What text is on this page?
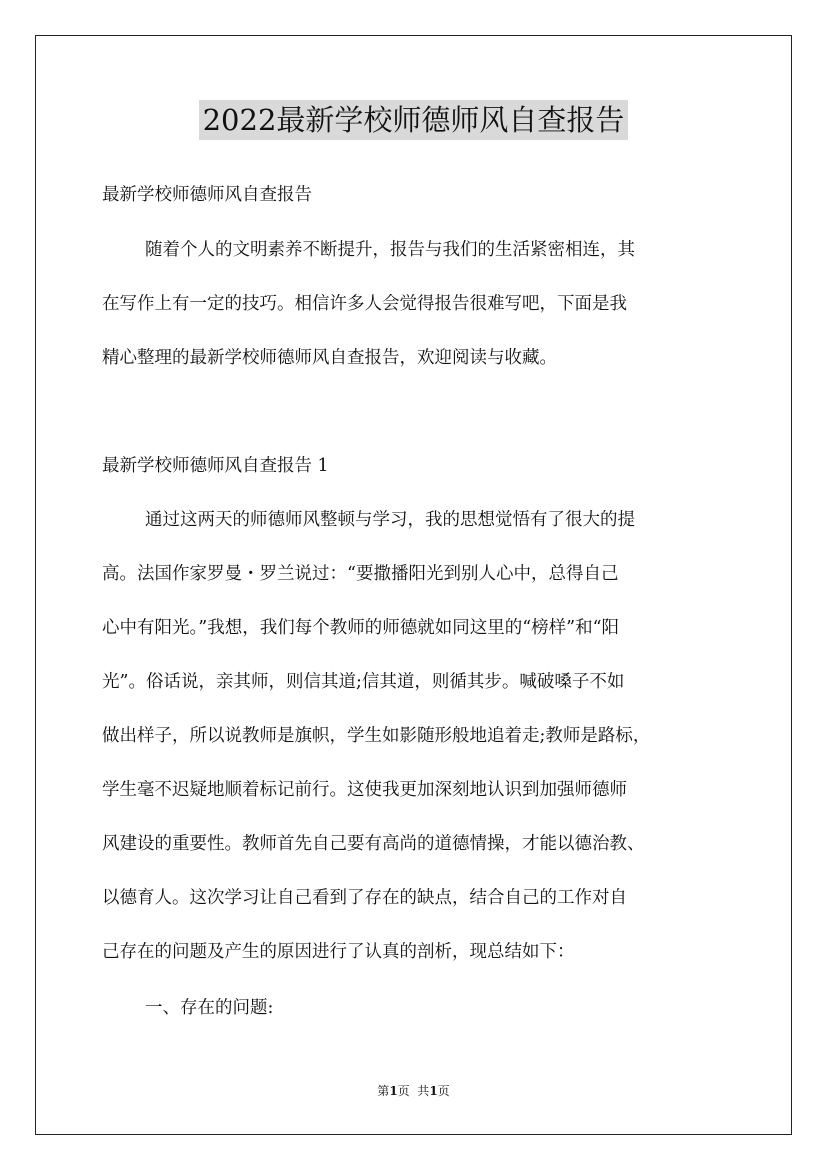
2022最新学校师德师风自查报告
最新学校师德师风自查报告
随着个人的文明素养不断提升，报告与我们的生活紧密相连，其
在写作上有一定的技巧。相信许多人会觉得报告很难写吧，下面是我
精心整理的最新学校师德师风自查报告，欢迎阅读与收藏。
最新学校师德师风自查报告 1
通过这两天的师德师风整顿与学习，我的思想觉悟有了很大的提
高。法国作家罗曼・罗兰说过：“要撒播阳光到别人心中，总得自己
心中有阳光。”我想，我们每个教师的师德就如同这里的“榜样”和“阳
光”。俗话说，亲其师，则信其道;信其道，则循其步。喊破嗓子不如
做出样子，所以说教师是旗帜，学生如影随形般地追着走;教师是路标，
学生毫不迟疑地顺着标记前行。这使我更加深刻地认识到加强师德师
风建设的重要性。教师首先自己要有高尚的道德情操，才能以德治教、
以德育人。这次学习让自己看到了存在的缺点，结合自己的工作对自
己存在的问题及产生的原因进行了认真的剖析，现总结如下：
一、存在的问题:
第1页  共1页
